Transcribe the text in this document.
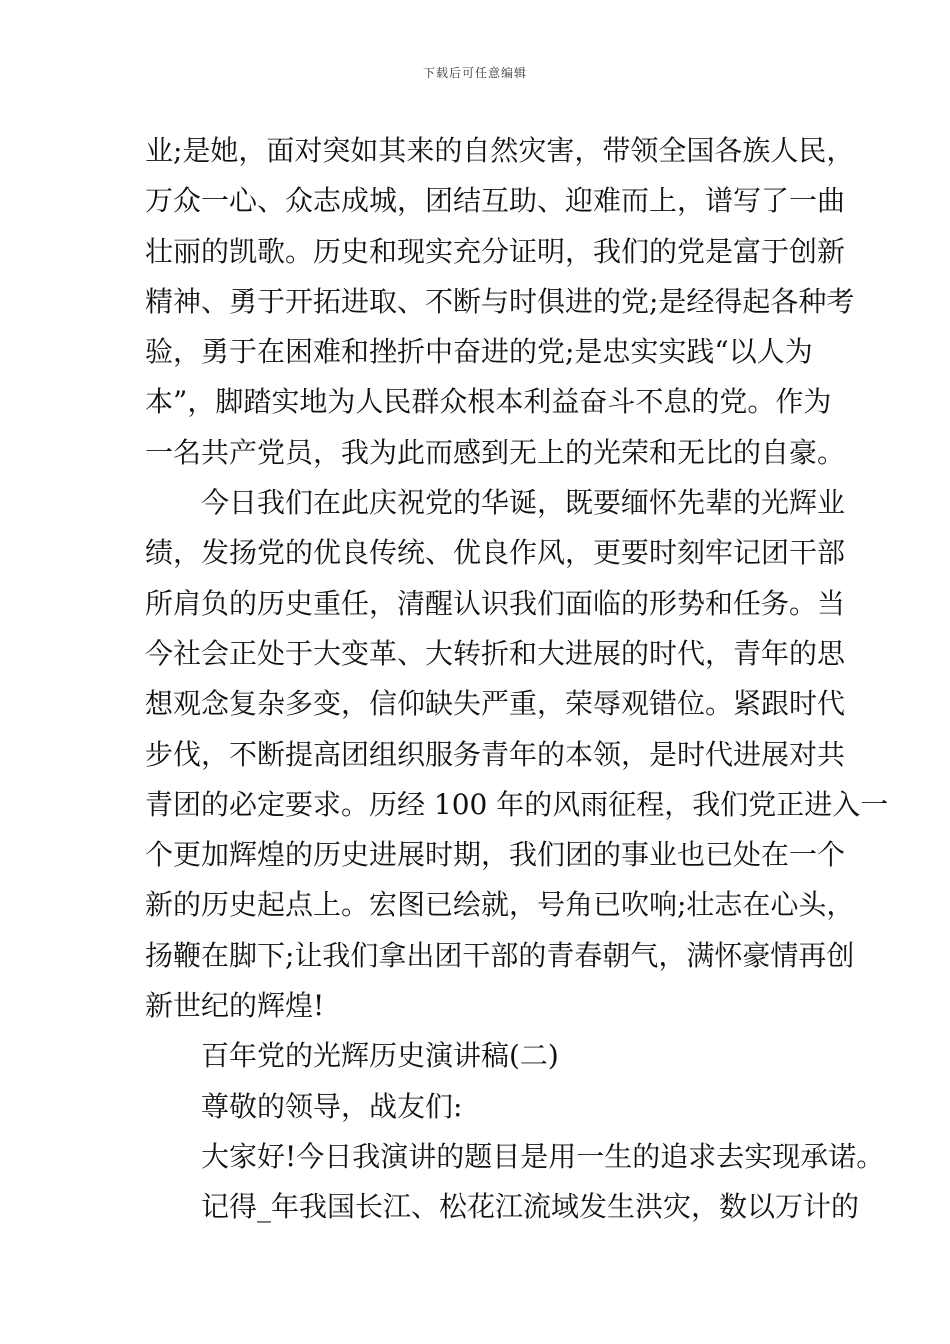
下载后可任意编辑
业;是她，面对突如其来的自然灾害，带领全国各族人民，
万众一心、众志成城，团结互助、迎难而上，谱写了一曲
壮丽的凯歌。历史和现实充分证明，我们的党是富于创新
精神、勇于开拓进取、不断与时俱进的党;是经得起各种考
验，勇于在困难和挫折中奋进的党;是忠实实践“以人为
本”，脚踏实地为人民群众根本利益奋斗不息的党。作为
一名共产党员，我为此而感到无上的光荣和无比的自豪。
今日我们在此庆祝党的华诞，既要缅怀先辈的光辉业
绩，发扬党的优良传统、优良作风，更要时刻牢记团干部
所肩负的历史重任，清醒认识我们面临的形势和任务。当
今社会正处于大变革、大转折和大进展的时代，青年的思
想观念复杂多变，信仰缺失严重，荣辱观错位。紧跟时代
步伐，不断提高团组织服务青年的本领，是时代进展对共
青团的必定要求。历经 100 年的风雨征程，我们党正进入一
个更加辉煌的历史进展时期，我们团的事业也已处在一个
新的历史起点上。宏图已绘就，号角已吹响;壮志在心头，
扬鞭在脚下;让我们拿出团干部的青春朝气，满怀豪情再创
新世纪的辉煌!
百年党的光辉历史演讲稿(二)
尊敬的领导，战友们:
大家好!今日我演讲的题目是用一生的追求去实现承诺。
记得_年我国长江、松花江流域发生洪灾，数以万计的
